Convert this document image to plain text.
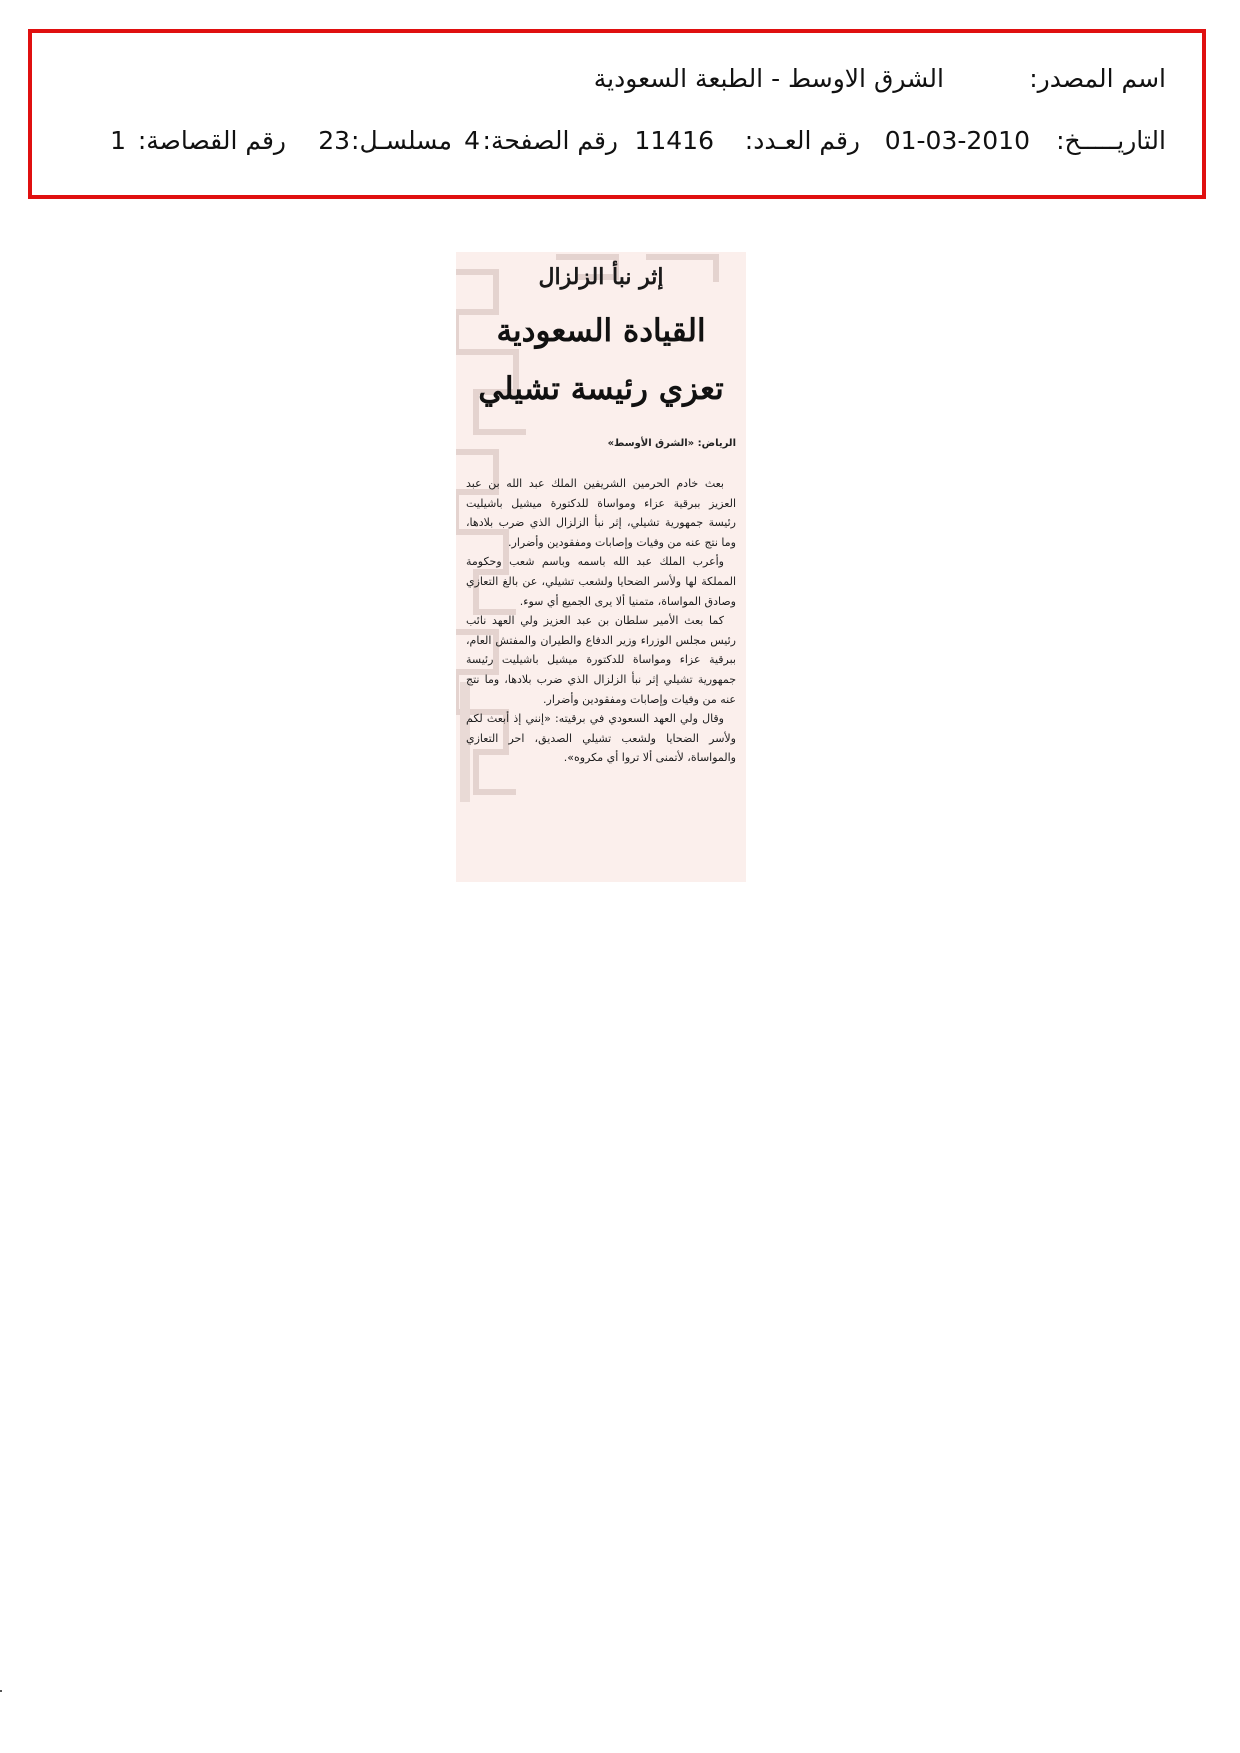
اسم المصدر:
الشرق الاوسط - الطبعة السعودية
التاريـــــخ:
01-03-2010
رقم العـدد:
11416
رقم الصفحة:
4
مسلسـل:
23
رقم القصاصة:
1
إثر نبأ الزلزال
القيادة السعودية
تعزي رئيسة تشيلي
الرياض: «الشرق الأوسط»

بعث خادم الحرمين الشريفين الملك عبد الله بن عبد العزيز ببرقية عزاء ومواساة للدكتورة ميشيل باشيليت رئيسة جمهورية تشيلي، إثر نبأ الزلزال الذي ضرب بلادها، وما نتج عنه من وفيات وإصابات ومفقودين وأضرار.

وأعرب الملك عبد الله باسمه وباسم شعب وحكومة المملكة لها ولأسر الضحايا ولشعب تشيلي، عن بالغ التعازي وصادق المواساة، متمنيا ألا يرى الجميع أي سوء.

كما بعث الأمير سلطان بن عبد العزيز ولي العهد نائب رئيس مجلس الوزراء وزير الدفاع والطيران والمفتش العام، ببرقية عزاء ومواساة للدكتورة ميشيل باشيليت رئيسة جمهورية تشيلي إثر نبأ الزلزال الذي ضرب بلادها، وما نتج عنه من وفيات وإصابات ومفقودين وأضرار.

وقال ولي العهد السعودي في برقيته: «إنني إذ أبعث لكم ولأسر الضحايا ولشعب تشيلي الصديق، احر التعازي والمواساة، لأتمنى ألا تروا أي مكروه».
